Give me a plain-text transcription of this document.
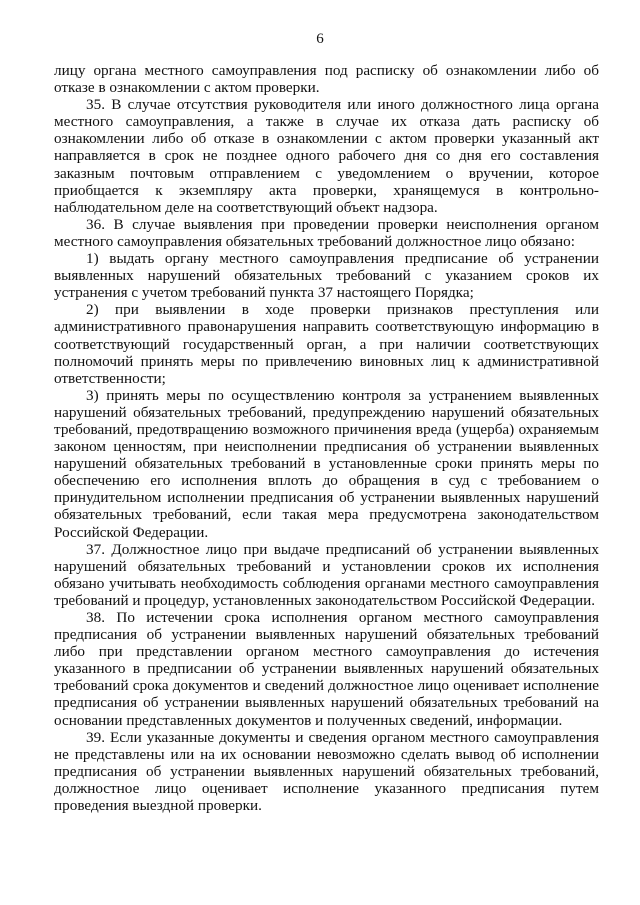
6

лицу органа местного самоуправления под расписку об ознакомлении либо об отказе в ознакомлении с актом проверки.

35. В случае отсутствия руководителя или иного должностного лица органа местного самоуправления, а также в случае их отказа дать расписку об ознакомлении либо об отказе в ознакомлении с актом проверки указанный акт направляется в срок не позднее одного рабочего дня со дня его составления заказным почтовым отправлением с уведомлением о вручении, которое приобщается к экземпляру акта проверки, хранящемуся в контрольно-наблюдательном деле на соответствующий объект надзора.

36. В случае выявления при проведении проверки неисполнения органом местного самоуправления обязательных требований должностное лицо обязано:

1) выдать органу местного самоуправления предписание об устранении выявленных нарушений обязательных требований с указанием сроков их устранения с учетом требований пункта 37 настоящего Порядка;

2) при выявлении в ходе проверки признаков преступления или административного правонарушения направить соответствующую информацию в соответствующий государственный орган, а при наличии соответствующих полномочий принять меры по привлечению виновных лиц к административной ответственности;

3) принять меры по осуществлению контроля за устранением выявленных нарушений обязательных требований, предупреждению нарушений обязательных требований, предотвращению возможного причинения вреда (ущерба) охраняемым законом ценностям, при неисполнении предписания об устранении выявленных нарушений обязательных требований в установленные сроки принять меры по обеспечению его исполнения вплоть до обращения в суд с требованием о принудительном исполнении предписания об устранении выявленных нарушений обязательных требований, если такая мера предусмотрена законодательством Российской Федерации.

37. Должностное лицо при выдаче предписаний об устранении выявленных нарушений обязательных требований и установлении сроков их исполнения обязано учитывать необходимость соблюдения органами местного самоуправления требований и процедур, установленных законодательством Российской Федерации.

38. По истечении срока исполнения органом местного самоуправления предписания об устранении выявленных нарушений обязательных требований либо при представлении органом местного самоуправления до истечения указанного в предписании об устранении выявленных нарушений обязательных требований срока документов и сведений должностное лицо оценивает исполнение предписания об устранении выявленных нарушений обязательных требований на основании представленных документов и полученных сведений, информации.

39. Если указанные документы и сведения органом местного самоуправления не представлены или на их основании невозможно сделать вывод об исполнении предписания об устранении выявленных нарушений обязательных требований, должностное лицо оценивает исполнение указанного предписания путем проведения выездной проверки.
